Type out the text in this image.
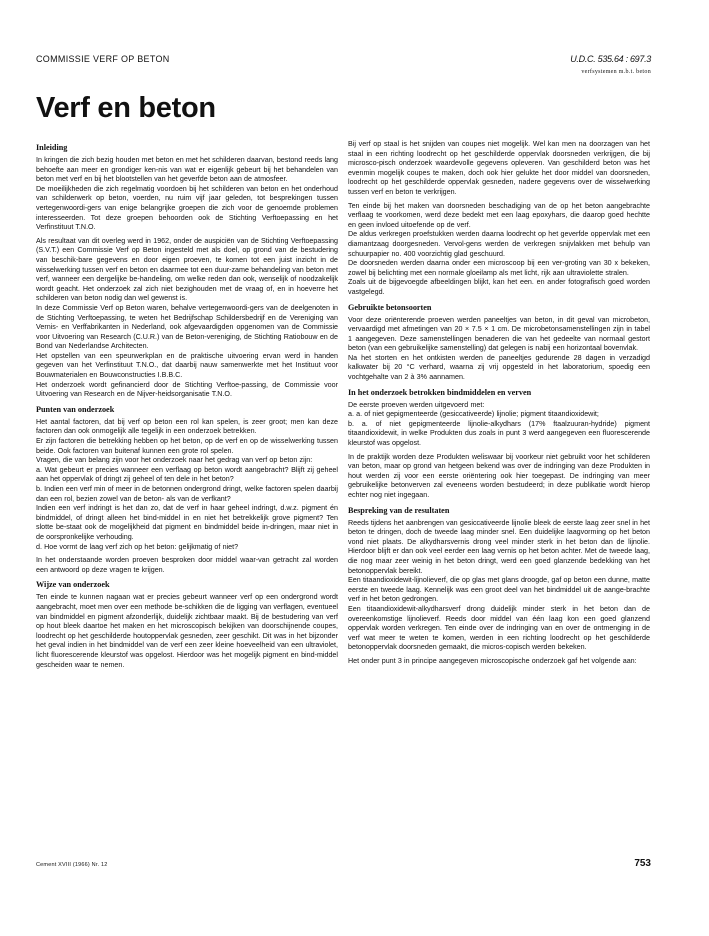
COMMISSIE VERF OP BETON	U.D.C. 535.64 : 697.3
verfsystemen m.b.t. beton
Verf en beton
Inleiding

In kringen die zich bezig houden met beton en met het schilderen daarvan, bestond reeds lang behoefte aan meer en grondiger ken-nis van wat er eigenlijk gebeurt bij het behandelen van beton met verf en bij het blootstellen van het geverfde beton aan de atmosfeer.

De moeilijkheden die zich regelmatig voordoen bij het schilderen van beton en het onderhoud van schilderwerk op beton, voerden, nu ruim vijf jaar geleden, tot besprekingen tussen vertegenwoordi-gers van enige belangrijke groepen die zich voor de genoemde problemen interesseerden. Tot deze groepen behoorden ook de Stichting Verftoepassing en het Verfinstituut T.N.O.

Als resultaat van dit overleg werd in 1962, onder de auspiciën van de Stichting Verftoepassing (S.V.T.) een Commissie Verf op Beton ingesteld met als doel, op grond van de bestudering van beschik-bare gegevens en door eigen proeven, te komen tot een juist inzicht in de wisselwerking tussen verf en beton en daarmee tot een duur-zame behandeling van beton met verf, wanneer een dergelijke be-handeling, om welke reden dan ook, wenselijk of noodzakelijk wordt geacht. Het onderzoek zal zich niet bezighouden met de vraag of, en in hoeverre het schilderen van beton nodig dan wel gewenst is.

In deze Commissie Verf op Beton waren, behalve vertegenwoordi-gers van de deelgenoten in de Stichting Verftoepassing, te weten het Bedrijfschap Schildersbedrijf en de Vereniging van Vernis- en Verffabrikanten in Nederland, ook afgevaardigden opgenomen van de Commissie voor Uitvoering van Research (C.U.R.) van de Beton-vereniging, de Stichting Ratiobouw en de Bond van Nederlandse Architecten.

Het opstellen van een speurwerkplan en de praktische uitvoering ervan werd in handen gegeven van het Verfinstituut T.N.O., dat daarbij nauw samenwerkte met het Instituut voor Bouwmaterialen en Bouwconstructies I.B.B.C.

Het onderzoek wordt gefinancierd door de Stichting Verftoe-passing, de Commissie voor Uitvoering van Research en de Nijver-heidsorganisatie T.N.O.

Punten van onderzoek

Het aantal factoren, dat bij verf op beton een rol kan spelen, is zeer groot; men kan deze factoren dan ook onmogelijk alle tegelijk in een onderzoek betrekken.

Er zijn factoren die betrekking hebben op het beton, op de verf en op de wisselwerking tussen beide. Ook factoren van buitenaf kunnen een grote rol spelen.

Vragen, die van belang zijn voor het onderzoek naar het gedrag van verf op beton zijn:

a. Wat gebeurt er precies wanneer een verflaag op beton wordt aangebracht? Blijft zij geheel aan het oppervlak of dringt zij geheel of ten dele in het beton?

b. Indien een verf min of meer in de betonnen ondergrond dringt, welke factoren spelen daarbij dan een rol, bezien zowel van de beton- als van de verfkant?

Indien een verf indringt is het dan zo, dat de verf in haar geheel indringt, d.w.z. pigment én bindmiddel, of dringt alleen het bind-middel in en niet het betrekkelijk grove pigment? Ten slotte be-staat ook de mogelijkheid dat pigment en bindmiddel beide in-dringen, maar niet in de oorspronkelijke verhouding.

d. Hoe vormt de laag verf zich op het beton: gelijkmatig of niet?

In het onderstaande worden proeven besproken door middel waar-van getracht zal worden een antwoord op deze vragen te krijgen.

Wijze van onderzoek

Ten einde te kunnen nagaan wat er precies gebeurt wanneer verf op een ondergrond wordt aangebracht, moet men over een methode be-schikken die de ligging van verflagen, eventueel van bindmiddel en pigment afzonderlijk, duidelijk zichtbaar maakt. Bij de bestudering van verf op hout bleek daartoe het maken en het microscopisch bekijken van doorschijnende coupes, loodrecht op het geschilderde houtoppervlak gesneden, zeer geschikt. Dit was in het bijzonder het geval indien in het bindmiddel van de verf een zeer kleine hoeveelheid van een ultraviolet, licht fluorescerende kleurstof was opgelost. Hierdoor was het mogelijk pigment en bind-middel gescheiden waar te nemen.

Bij verf op staal is het snijden van coupes niet mogelijk. Wel kan men na doorzagen van het staal in een richting loodrecht op het geschilderde oppervlak doorsneden verkrijgen, die bij microsco-pisch onderzoek waardevolle gegevens opleveren. Van geschilderd beton was het evenmin mogelijk coupes te maken, doch ook hier gelukte het door middel van doorsneden, loodrecht op het geschilderde oppervlak gesneden, nadere gegevens over de wisselwerking tussen verf en beton te verkrijgen.

Ten einde bij het maken van doorsneden beschadiging van de op het beton aangebrachte verflaag te voorkomen, werd deze bedekt met een laag epoxyhars, die daarop goed hechtte en geen invloed uitoefende op de verf.

De aldus verkregen proefstukken werden daarna loodrecht op het geverfde oppervlak met een diamantzaag doorgesneden. Vervol-gens werden de verkregen snijvlakken met behulp van schuurpapier no. 400 voorzichtig glad geschuurd.

De doorsneden werden daarna onder een microscoop bij een ver-groting van 30 x bekeken, zowel bij belichting met een normale gloeilamp als met licht, rijk aan ultraviolette stralen.

Zoals uit de bijgevoegde afbeeldingen blijkt, kan het een. en ander fotografisch goed worden vastgelegd.

Gebruikte betonsoorten

Voor deze oriënterende proeven werden paneeltjes van beton, in dit geval van microbeton, vervaardigd met afmetingen van 20 × 7.5 × 1 cm. De microbetonsamenstellingen zijn in tabel 1 aangegeven. Deze samenstellingen benaderen die van het gedeelte van normaal gestort beton (van een gebruikelijke samenstelling) dat gelegen is nabij een horizontaal bovenvlak.

Na het storten en het ontkisten werden de paneeltjes gedurende 28 dagen in verzadigd kalkwater bij 20 °C verhard, waarna zij vrij opgesteld in het laboratorium, spoedig een vochtgehalte van 2 à 3% aannamen.

In het onderzoek betrokken bindmiddelen en verven

De eerste proeven werden uitgevoerd met:

a. a. of niet gepigmenteerde (gesiccativeerde) lijnolie; pigment titaandioxidewit;

b. a. of niet gepigmenteerde lijnolie-alkydhars (17% ftaalzuuran-hydride) pigment titaandioxidewit, in welke Produkten dus zoals in punt 3 werd aangegeven een fluorescerende kleurstof was opgelost.

In de praktijk worden deze Produkten weliswaar bij voorkeur niet gebruikt voor het schilderen van beton, maar op grond van hetgeen bekend was over de indringing van deze Produkten in hout werden zij voor een eerste oriëntering ook hier toegepast. De indringing van meer gebruikelijke betonverven zal eveneens worden bestudeerd; in deze publikatie wordt hierop echter nog niet ingegaan.

Bespreking van de resultaten

Reeds tijdens het aanbrengen van gesiccativeerde lijnolie bleek de eerste laag zeer snel in het beton te dringen, doch de tweede laag minder snel. Een duidelijke laagvorming op het beton vond niet plaats. De alkydharsvernis drong veel minder sterk in het beton dan de lijnolie. Hierdoor blijft er dan ook veel eerder een laag vernis op het beton achter. Met de tweede laag, die nog maar zeer weinig in het beton dringt, werd een goed glanzende bedekking van het betonoppervlak bereikt.

Een titaandioxidewit-lijnolieverf, die op glas met glans droogde, gaf op beton een dunne, matte eerste en tweede laag. Kennelijk was een groot deel van het bindmiddel uit de aange-brachte verf in het beton gedrongen.

Een titaandioxidewit-alkydharsverf drong duidelijk minder sterk in het beton dan de overeenkomstige lijnolieverf. Reeds door middel van één laag kon een goed glanzend oppervlak worden verkregen. Ten einde over de indringing van en over de ontmenging in de verf wat meer te weten te komen, werden in een richting loodrecht op het geschilderde betonoppervlak doorsneden gemaakt, die micros-copisch werden bekeken.

Het onder punt 3 in principe aangegeven microscopische onderzoek gaf het volgende aan:

Cement XVIII (1966) Nr. 12	753
